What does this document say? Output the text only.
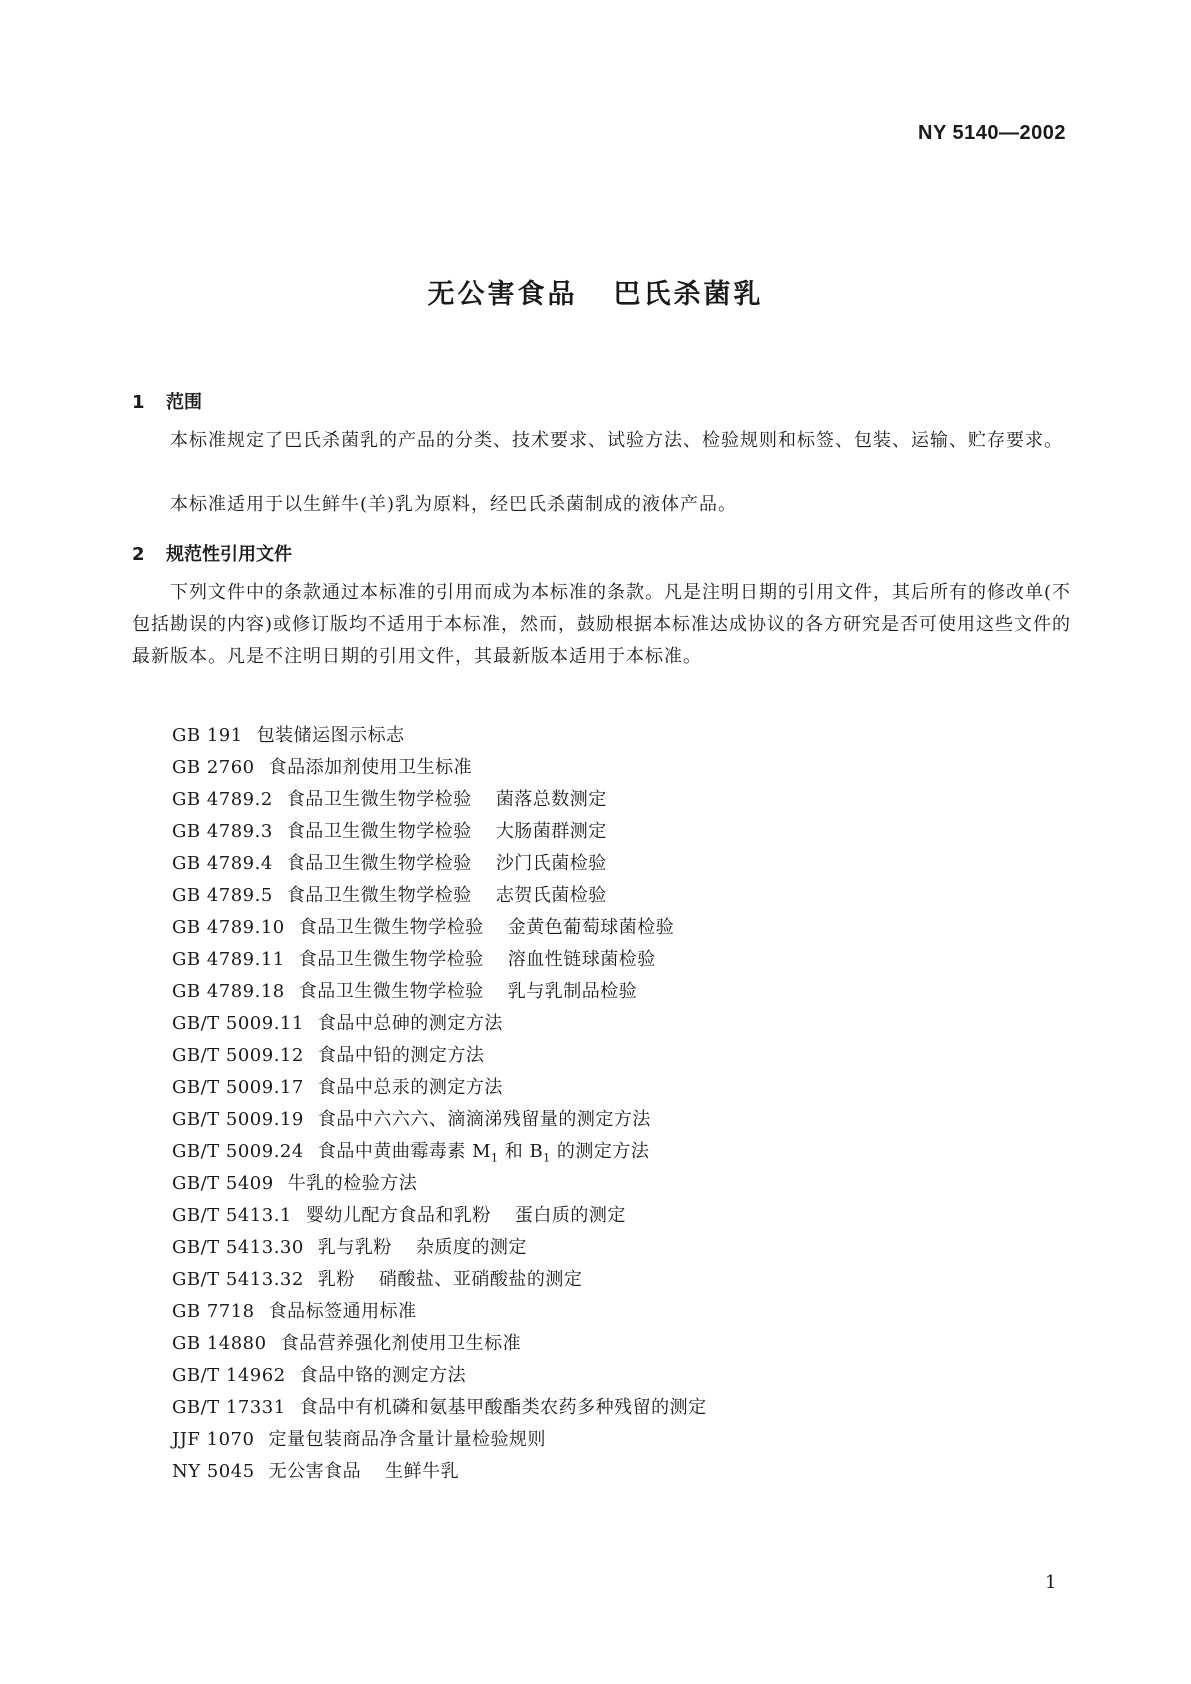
NY 5140—2002
无公害食品 巴氏杀菌乳
1 范围
本标准规定了巴氏杀菌乳的产品的分类、技术要求、试验方法、检验规则和标签、包装、运输、贮存要求。
本标准适用于以生鲜牛(羊)乳为原料，经巴氏杀菌制成的液体产品。
2 规范性引用文件
下列文件中的条款通过本标准的引用而成为本标准的条款。凡是注明日期的引用文件，其后所有的修改单(不包括勘误的内容)或修订版均不适用于本标准，然而，鼓励根据本标准达成协议的各方研究是否可使用这些文件的最新版本。凡是不注明日期的引用文件，其最新版本适用于本标准。
GB 191 包装储运图示标志
GB 2760 食品添加剂使用卫生标准
GB 4789.2 食品卫生微生物学检验 菌落总数测定
GB 4789.3 食品卫生微生物学检验 大肠菌群测定
GB 4789.4 食品卫生微生物学检验 沙门氏菌检验
GB 4789.5 食品卫生微生物学检验 志贺氏菌检验
GB 4789.10 食品卫生微生物学检验 金黄色葡萄球菌检验
GB 4789.11 食品卫生微生物学检验 溶血性链球菌检验
GB 4789.18 食品卫生微生物学检验 乳与乳制品检验
GB/T 5009.11 食品中总砷的测定方法
GB/T 5009.12 食品中铅的测定方法
GB/T 5009.17 食品中总汞的测定方法
GB/T 5009.19 食品中六六六、滴滴涕残留量的测定方法
GB/T 5009.24 食品中黄曲霉毒素 $M_1$ 和 $B_1$ 的测定方法
GB/T 5409 牛乳的检验方法
GB/T 5413.1 婴幼儿配方食品和乳粉 蛋白质的测定
GB/T 5413.30 乳与乳粉 杂质度的测定
GB/T 5413.32 乳粉 硝酸盐、亚硝酸盐的测定
GB 7718 食品标签通用标准
GB 14880 食品营养强化剂使用卫生标准
GB/T 14962 食品中铬的测定方法
GB/T 17331 食品中有机磷和氨基甲酸酯类农药多种残留的测定
JJF 1070 定量包装商品净含量计量检验规则
NY 5045 无公害食品 生鲜牛乳
1
